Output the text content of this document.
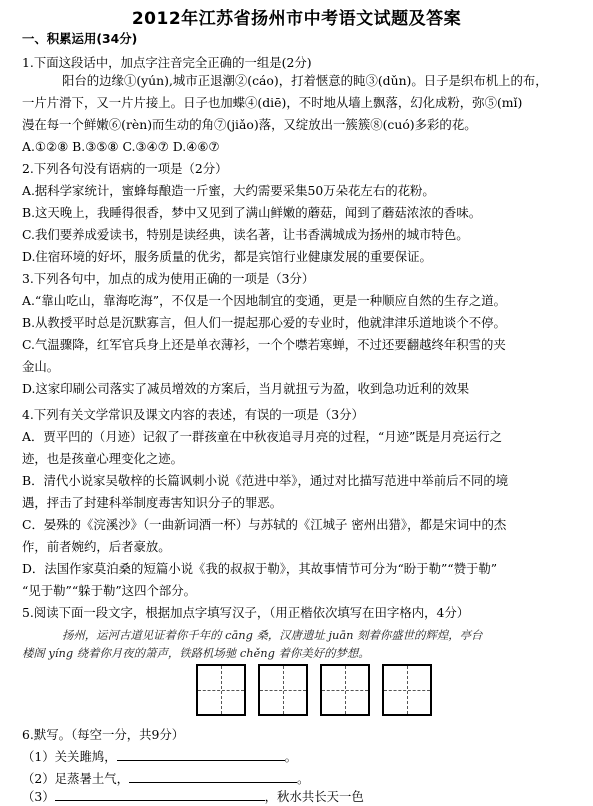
2012年江苏省扬州市中考语文试题及答案
一、积累运用(34分)
1.下面这段话中，加点字注音完全正确的一组是(2分)
阳台的边缘①(yún),城市正退潮②(cáo)，打着惬意的盹③(dǔn)。日子是织布机上的布，
一片片滑下，又一片片接上。日子也加蝶④(diē)，不时地从墙上飘落，幻化成粉，弥⑤(mǐ)
漫在每一个鲜嫩⑥(rèn)而生动的角⑦(jiǎo)落，又绽放出一簇簇⑧(cuó)多彩的花。
A.①②⑧ B.③⑤⑧ C.③④⑦ D.④⑥⑦
2.下列各句没有语病的一项是（2分）
A.据科学家统计，蜜蜂每酿造一斤蜜，大约需要采集50万朵花左右的花粉。
B.这天晚上，我睡得很香，梦中又见到了满山鲜嫩的蘑菇，闻到了蘑菇浓浓的香味。
C.我们要养成爱读书，特别是读经典，读名著，让书香满城成为扬州的城市特色。
D.住宿环境的好坏，服务质量的优劣，都是宾馆行业健康发展的重要保证。
3.下列各句中，加点的成为使用正确的一项是（3分）
A.“靠山吃山，靠海吃海”，不仅是一个因地制宜的变通，更是一种顺应自然的生存之道。
B.从教授平时总是沉默寡言，但人们一提起那心爱的专业时，他就津津乐道地谈个不停。
C.气温骤降，红军官兵身上还是单衣薄衫，一个个噤若寒蝉，不过还要翻越终年积雪的夹
金山。
D.这家印刷公司落实了减员增效的方案后，当月就扭亏为盈，收到急功近利的效果
4.下列有关文学常识及课文内容的表述，有误的一项是（3分）
A．贾平凹的（月迹）记叙了一群孩童在中秋夜追寻月亮的过程，“月迹”既是月亮运行之
迹，也是孩童心理变化之迹。
B．清代小说家吴敬梓的长篇讽刺小说《范进中举》，通过对比描写范进中举前后不同的境
遇，抨击了封建科举制度毒害知识分子的罪恶。
C．晏殊的《浣溪沙》（一曲新词酒一杯）与苏轼的《江城子 密州出猎》，都是宋词中的杰
作，前者婉约，后者豪放。
D．法国作家莫泊桑的短篇小说《我的叔叔于勒》，其故事情节可分为“盼于勒”“赞于勒”
“见于勒”“躲于勒”这四个部分。
5.阅读下面一段文字，根据加点字填写汉子，（用正楷依次填写在田字格内，4分）
扬州，运河古道见证着你千年的 cāng 桑，汉唐遗址 juān 刻着你盛世的辉煌，亭台
楼阁 yíng 绕着你月夜的箫声，铁路机场驰 chěng 着你美好的梦想。
6.默写。（每空一分，共9分）
（1）关关雎鸠，	。
（2）足蒸暑土气，	。
（3）	，秋水共长天一色
